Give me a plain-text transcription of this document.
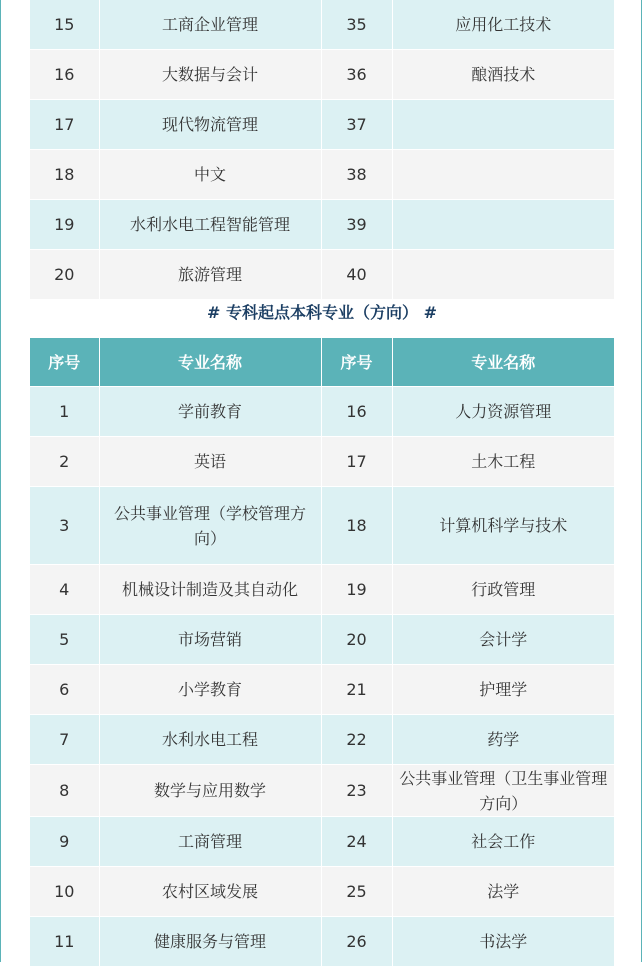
15	工商企业管理	35	应用化工技术
16	大数据与会计	36	酿酒技术
17	现代物流管理	37	
18	中文	38	
19	水利水电工程智能管理	39	
20	旅游管理	40	
# 专科起点本科专业（方向） #
序号	专业名称	序号	专业名称
1	学前教育	16	人力资源管理
2	英语	17	土木工程
3	公共事业管理（学校管理方向）	18	计算机科学与技术
4	机械设计制造及其自动化	19	行政管理
5	市场营销	20	会计学
6	小学教育	21	护理学
7	水利水电工程	22	药学
8	数学与应用数学	23	公共事业管理（卫生事业管理方向）
9	工商管理	24	社会工作
10	农村区域发展	25	法学
11	健康服务与管理	26	书法学
